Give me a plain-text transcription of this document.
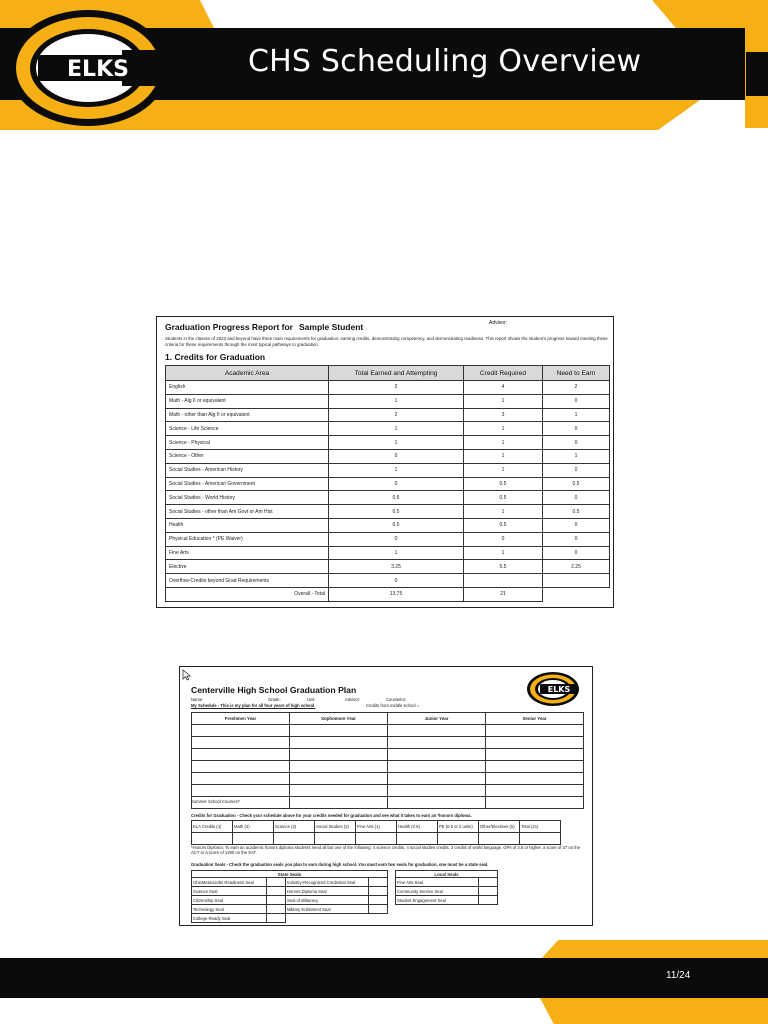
CHS Scheduling Overview
ELKS
Graduation Progress Report for Sample Student	Advisor:
Students in the classes of 2023 and beyond have three main requirements for graduation: earning credits, demonstrating competency, and demonstrating readiness. This report shows the student's progress toward meeting these criteria for these requirements through the most typical pathways to graduation.
1. Credits for Graduation
Academic Area	Total Earned and Attempting	Credit Required	Need to Earn
English	2	4	2
Math - Alg II or equivalent	1	1	0
Math - other than Alg II or equivalent	2	3	1
Science - Life Science	1	1	0
Science - Physical	1	1	0
Science - Other	0	1	1
Social Studies - American History	1	1	0
Social Studies - American Government	0	0.5	0.5
Social Studies - World History	0.5	0.5	0
Social Studies - other than Am Govt or Am Hist	0.5	1	0.5
Health	0.5	0.5	0
Physical Education * (PE Waiver)	0	0	0
Fine Arts	1	1	0
Elective	3.25	5.5	2.25
Overflow-Credits beyond Grad Requirements	0		
Overall - Total	13.75	21	
Centerville High School Graduation Plan	ELKS
Name:	Grade:	Unit:	Advisor:	Counselor:
My Schedule - This is my plan for all four years of high school.	Credits from middle school =
Freshmen Year	Sophomore Year	Junior Year	Senior Year

Summer School Courses?
Credits for Graduation - Check your schedule above for your credits needed for graduation and see what it takes to earn an *honors diploma.
ELA Credits (4)	Math (4)	Science (3)	Social Studies (3)	Fine Arts (1)	Health (0.5)	PE (0.5 or 2 units)	Other/Electives (5)	Total (21)

*Honors Diploma: To earn an academic honors diploma students need all but one of the following: 4 science credits, 4 social studies credits, 3 credits of world language, GPA of 3.5 or higher, a score of 27 on the ACT or a score of 1280 on the SAT.
Graduation Seals - Check the graduation seals you plan to earn during high school. You must earn two seals for graduation, one must be a state seal.
State Seals			
OhioMeansJobs Readiness Seal		Industry-Recognized Credential Seal	
Science Seal		Honors Diploma Seal	
Citizenship Seal		Seal of Biliteracy	
Technology Seal		Military Enlistment Seal	
College-Ready Seal			
Local Seals	
Fine Arts Seal	
Community Service Seal	
Student Engagement Seal	
11/24
